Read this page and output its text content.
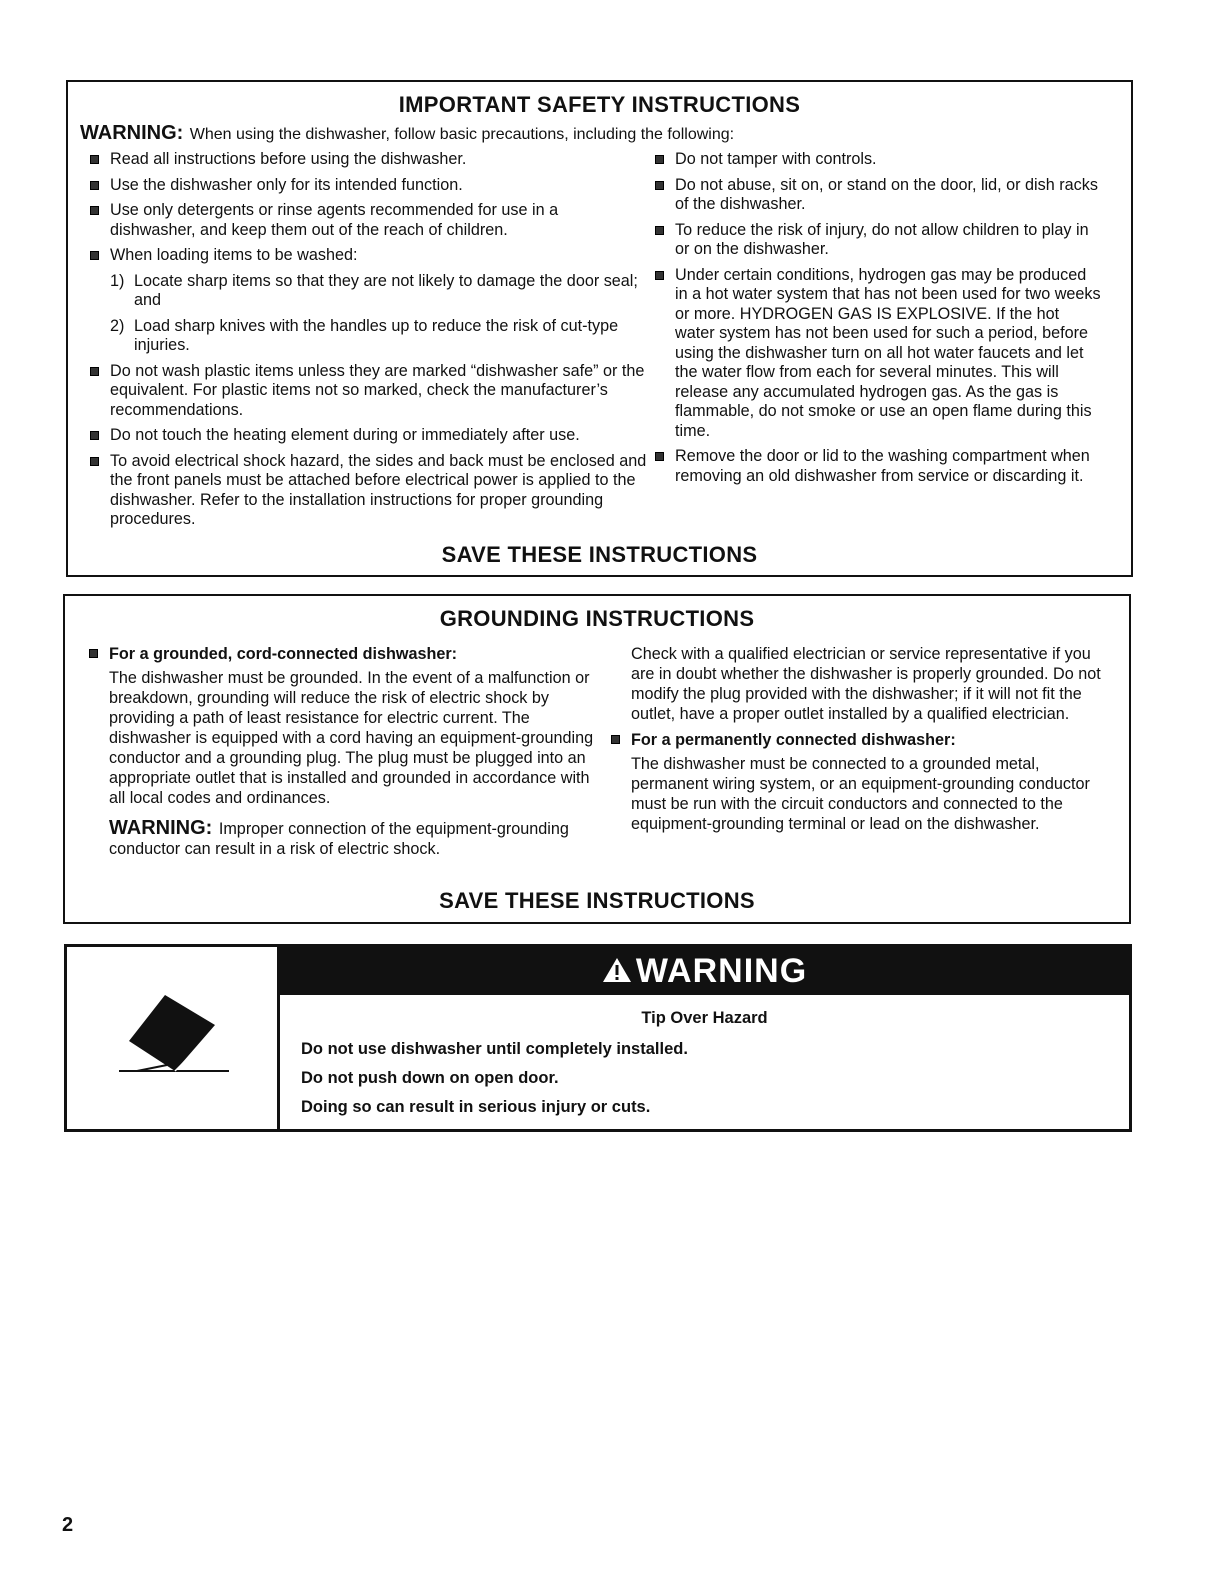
IMPORTANT SAFETY INSTRUCTIONS
WARNING: When using the dishwasher, follow basic precautions, including the following:
Read all instructions before using the dishwasher.
Use the dishwasher only for its intended function.
Use only detergents or rinse agents recommended for use in a dishwasher, and keep them out of the reach of children.
When loading items to be washed:
1) Locate sharp items so that they are not likely to damage the door seal; and
2) Load sharp knives with the handles up to reduce the risk of cut-type injuries.
Do not wash plastic items unless they are marked “dishwasher safe” or the equivalent. For plastic items not so marked, check the manufacturer’s recommendations.
Do not touch the heating element during or immediately after use.
To avoid electrical shock hazard, the sides and back must be enclosed and the front panels must be attached before electrical power is applied to the dishwasher. Refer to the installation instructions for proper grounding procedures.
Do not tamper with controls.
Do not abuse, sit on, or stand on the door, lid, or dish racks of the dishwasher.
To reduce the risk of injury, do not allow children to play in or on the dishwasher.
Under certain conditions, hydrogen gas may be produced in a hot water system that has not been used for two weeks or more. HYDROGEN GAS IS EXPLOSIVE. If the hot water system has not been used for such a period, before using the dishwasher turn on all hot water faucets and let the water flow from each for several minutes. This will release any accumulated hydrogen gas. As the gas is flammable, do not smoke or use an open flame during this time.
Remove the door or lid to the washing compartment when removing an old dishwasher from service or discarding it.
SAVE THESE INSTRUCTIONS
GROUNDING INSTRUCTIONS
For a grounded, cord-connected dishwasher:
The dishwasher must be grounded. In the event of a malfunction or breakdown, grounding will reduce the risk of electric shock by providing a path of least resistance for electric current. The dishwasher is equipped with a cord having an equipment-grounding conductor and a grounding plug. The plug must be plugged into an appropriate outlet that is installed and grounded in accordance with all local codes and ordinances.
WARNING: Improper connection of the equipment-grounding conductor can result in a risk of electric shock.
Check with a qualified electrician or service representative if you are in doubt whether the dishwasher is properly grounded. Do not modify the plug provided with the dishwasher; if it will not fit the outlet, have a proper outlet installed by a qualified electrician.
For a permanently connected dishwasher:
The dishwasher must be connected to a grounded metal, permanent wiring system, or an equipment-grounding conductor must be run with the circuit conductors and connected to the equipment-grounding terminal or lead on the dishwasher.
SAVE THESE INSTRUCTIONS
WARNING
Tip Over Hazard
Do not use dishwasher until completely installed.
Do not push down on open door.
Doing so can result in serious injury or cuts.
2
